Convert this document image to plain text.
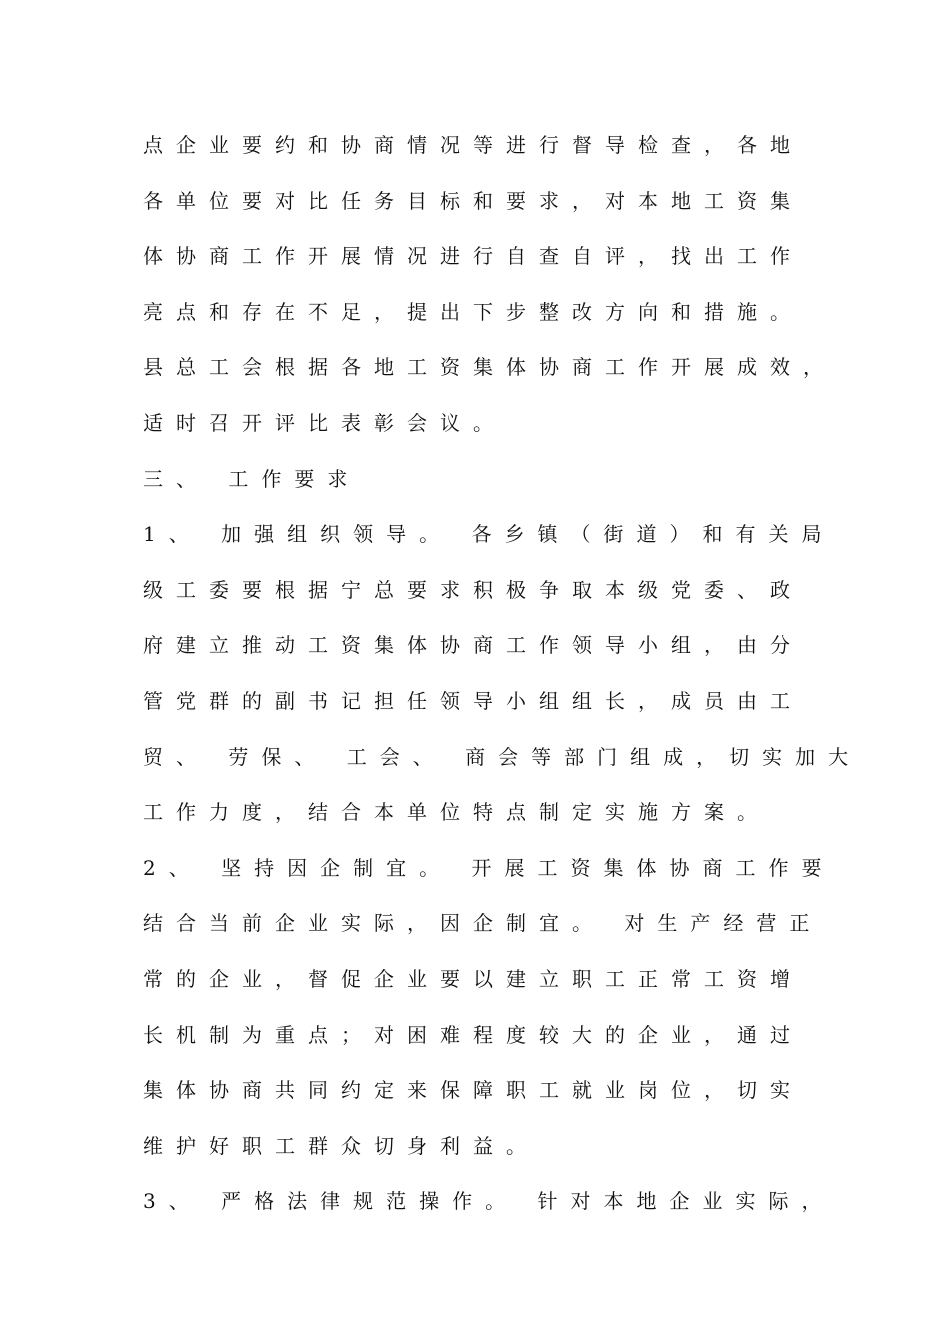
点企业要约和协商情况等进行督导检查，各地
各单位要对比任务目标和要求，对本地工资集
体协商工作开展情况进行自查自评，找出工作
亮点和存在不足，提出下步整改方向和措施。
县总工会根据各地工资集体协商工作开展成效，
适时召开评比表彰会议。
三、 工作要求
1、 加强组织领导。 各乡镇（街道）和有关局
级工委要根据宁总要求积极争取本级党委、政
府建立推动工资集体协商工作领导小组，由分
管党群的副书记担任领导小组组长，成员由工
贸、 劳保、 工会、 商会等部门组成，切实加大
工作力度，结合本单位特点制定实施方案。
2、 坚持因企制宜。 开展工资集体协商工作要
结合当前企业实际，因企制宜。 对生产经营正
常的企业，督促企业要以建立职工正常工资增
长机制为重点；对困难程度较大的企业，通过
集体协商共同约定来保障职工就业岗位，切实
维护好职工群众切身利益。
3、 严格法律规范操作。 针对本地企业实际，
